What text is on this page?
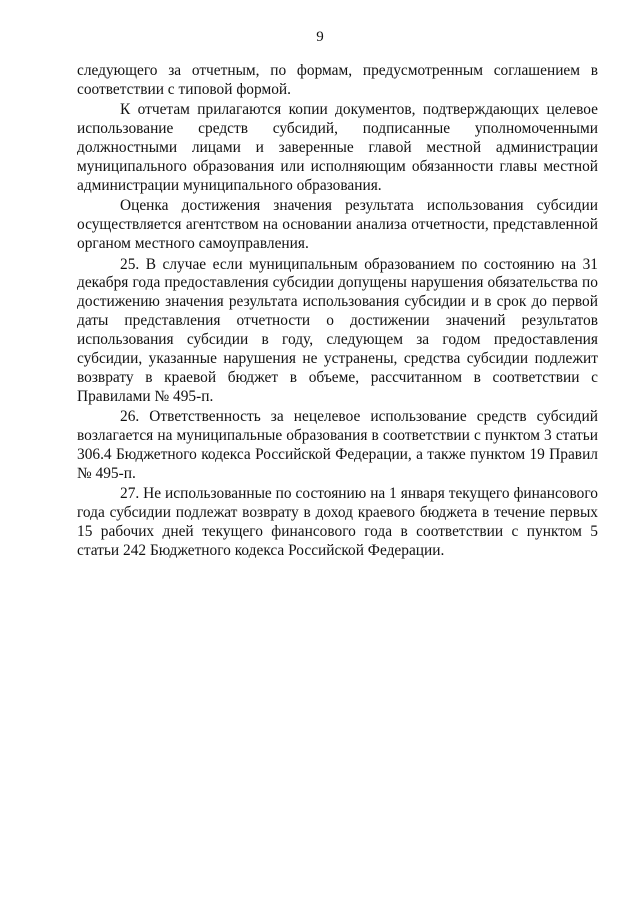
9

следующего за отчетным, по формам, предусмотренным соглашением в соответствии с типовой формой.

К отчетам прилагаются копии документов, подтверждающих целевое использование средств субсидий, подписанные уполномоченными должностными лицами и заверенные главой местной администрации муниципального образования или исполняющим обязанности главы местной администрации муниципального образования.

Оценка достижения значения результата использования субсидии осуществляется агентством на основании анализа отчетности, представленной органом местного самоуправления.

25. В случае если муниципальным образованием по состоянию на 31 декабря года предоставления субсидии допущены нарушения обязательства по достижению значения результата использования субсидии и в срок до первой даты представления отчетности о достижении значений результатов использования субсидии в году, следующем за годом предоставления субсидии, указанные нарушения не устранены, средства субсидии подлежит возврату в краевой бюджет в объеме, рассчитанном в соответствии с Правилами № 495-п.

26. Ответственность за нецелевое использование средств субсидий возлагается на муниципальные образования в соответствии с пунктом 3 статьи 306.4 Бюджетного кодекса Российской Федерации, а также пунктом 19 Правил № 495-п.

27. Не использованные по состоянию на 1 января текущего финансового года субсидии подлежат возврату в доход краевого бюджета в течение первых 15 рабочих дней текущего финансового года в соответствии с пунктом 5 статьи 242 Бюджетного кодекса Российской Федерации.
